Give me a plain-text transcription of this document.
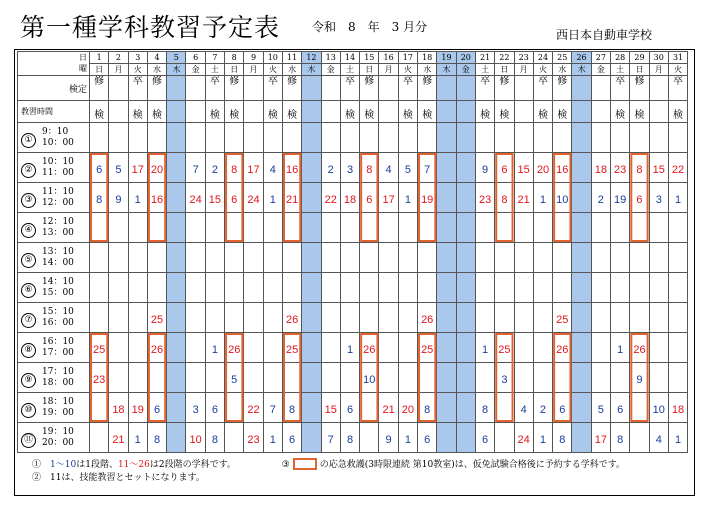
第一種学科教習予定表	令和　8　年　3 月分
西日本自動車学校
日
曜	1	2	3	4	5	6	7	8	9	10	11	12	13	14	15	16	17	18	19	20	21	22	23	24	25	26	27	28	29	30	31
	日	月	火	水	木	金	土	日	月	火	水	木	金	土	日	月	火	水	木	金	土	日	月	火	水	木	金	土	日	月	火

検定	修		卒	修			卒	修		卒	修			卒	修		卒	修			卒	修		卒	修			卒	修		卒
教習時間	検		検	検			検	検		検	検			検	検		検	検			検	検		検	検			検	検		検
①
9：10
10：00																															

②
10：10
11：00	6	5	17	20		7	2	8	17	4	16		2	3	8	4	5	7			9	6	15	20	16		18	23	8	15	22
③
11：10
12：00	8	9	1	16		24	15	6	24	1	21		22	18	6	17	1	19			23	8	21	1	10		2	19	6	3	1
④
12：10
13：00																															

⑤
13：10
14：00																															

⑥
14：10
15：00																															

⑦
15：10
16：00				25							26							26							25						
⑧
16：10
17：00	25			26			1	26			25			1	26			25			1	25			26			1	26		
⑨
17：10
18：00	23							5							10							3							9		
⑩
18：10
19：00		18	19	6		3	6		22	7	8		15	6		21	20	8			8		4	2	6		5	6		10	18
⑪
19：10
20：00		21	1	8		10	8		23	1	6		7	8		9	1	6			6		24	1	8		17	8		4	1
①　 1〜10は1段階、11〜26は2段階の学科です。	③	の応急救護(3時限連続 第10教室)は、仮免試験合格後に予約する学科です。
②　 11は、技能教習とセットになります。
